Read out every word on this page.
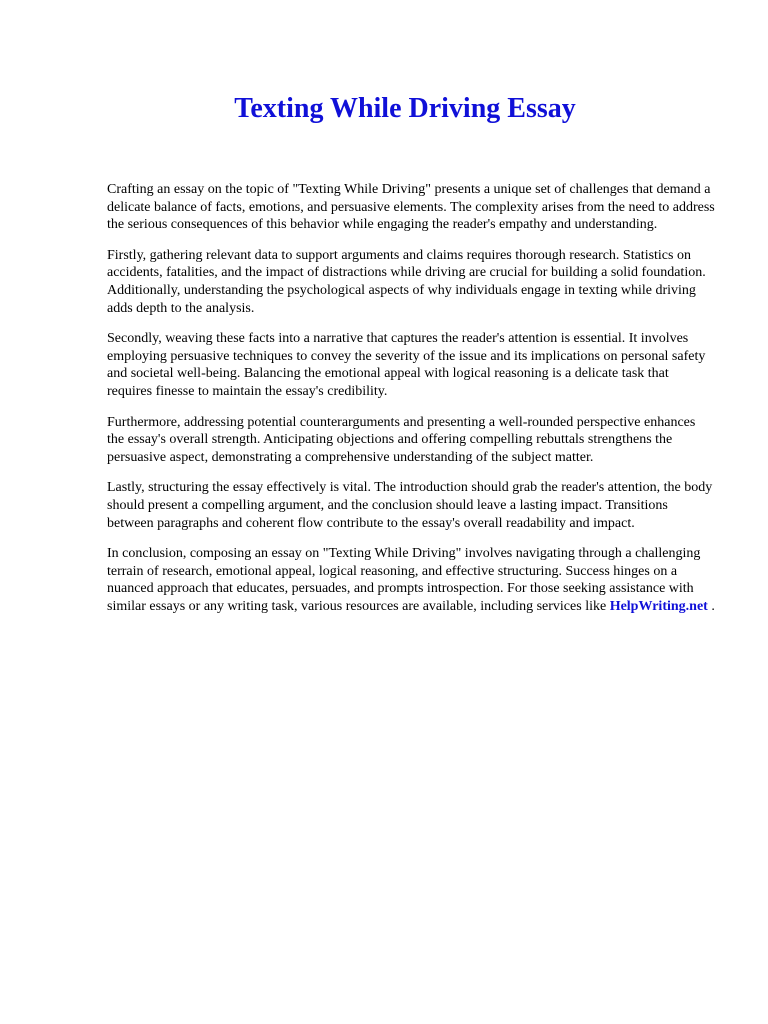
Texting While Driving Essay

Crafting an essay on the topic of "Texting While Driving" presents a unique set of challenges that demand a delicate balance of facts, emotions, and persuasive elements. The complexity arises from the need to address the serious consequences of this behavior while engaging the reader's empathy and understanding.

Firstly, gathering relevant data to support arguments and claims requires thorough research. Statistics on accidents, fatalities, and the impact of distractions while driving are crucial for building a solid foundation. Additionally, understanding the psychological aspects of why individuals engage in texting while driving adds depth to the analysis.

Secondly, weaving these facts into a narrative that captures the reader's attention is essential. It involves employing persuasive techniques to convey the severity of the issue and its implications on personal safety and societal well-being. Balancing the emotional appeal with logical reasoning is a delicate task that requires finesse to maintain the essay's credibility.

Furthermore, addressing potential counterarguments and presenting a well-rounded perspective enhances the essay's overall strength. Anticipating objections and offering compelling rebuttals strengthens the persuasive aspect, demonstrating a comprehensive understanding of the subject matter.

Lastly, structuring the essay effectively is vital. The introduction should grab the reader's attention, the body should present a compelling argument, and the conclusion should leave a lasting impact. Transitions between paragraphs and coherent flow contribute to the essay's overall readability and impact.

In conclusion, composing an essay on "Texting While Driving" involves navigating through a challenging terrain of research, emotional appeal, logical reasoning, and effective structuring. Success hinges on a nuanced approach that educates, persuades, and prompts introspection. For those seeking assistance with similar essays or any writing task, various resources are available, including services like HelpWriting.net .
